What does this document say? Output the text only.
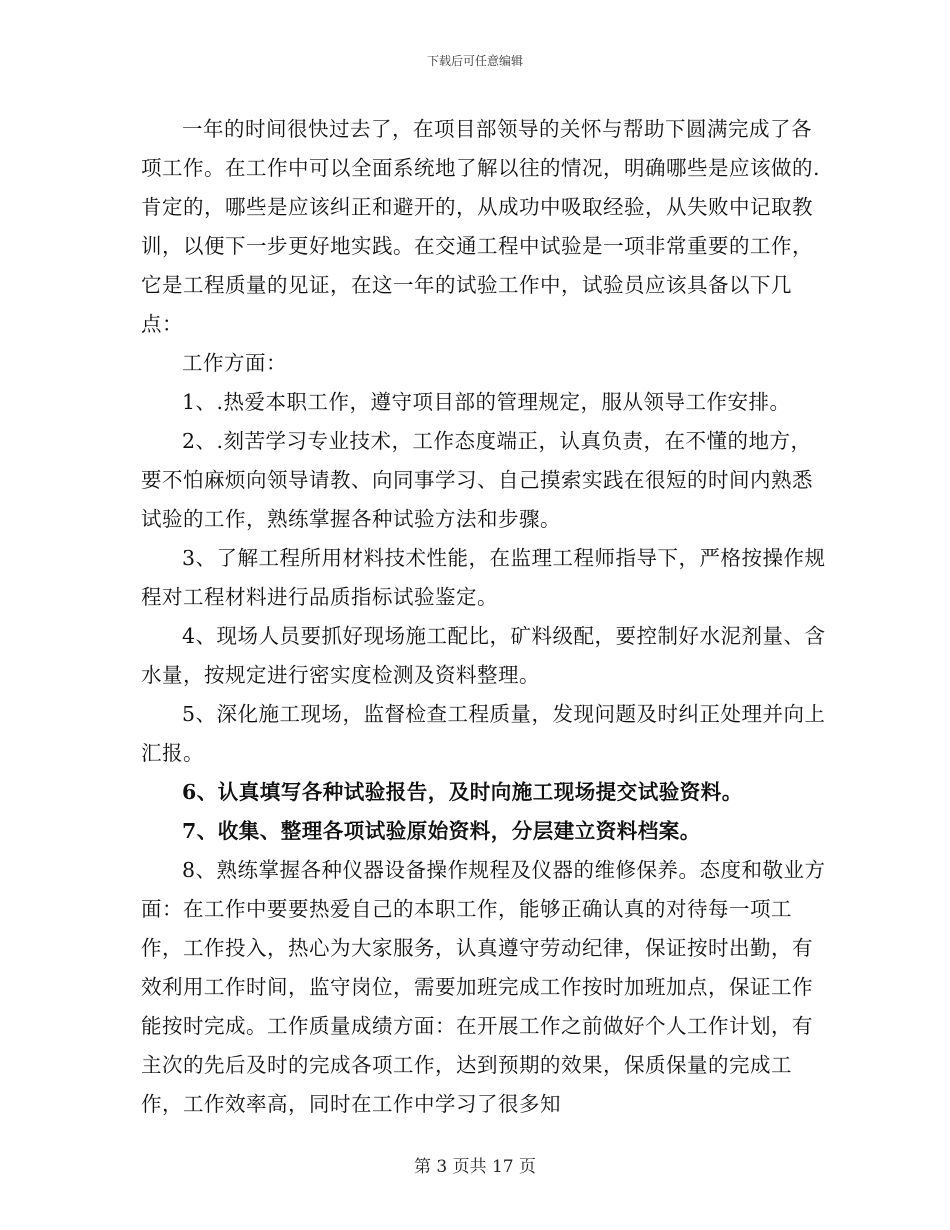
下载后可任意编辑

一年的时间很快过去了，在项目部领导的关怀与帮助下圆满完成了各项工作。在工作中可以全面系统地了解以往的情况，明确哪些是应该做的.肯定的，哪些是应该纠正和避开的，从成功中吸取经验，从失败中记取教训，以便下一步更好地实践。在交通工程中试验是一项非常重要的工作，它是工程质量的见证，在这一年的试验工作中，试验员应该具备以下几点：

工作方面：

1、.热爱本职工作，遵守项目部的管理规定，服从领导工作安排。

2、.刻苦学习专业技术，工作态度端正，认真负责，在不懂的地方，要不怕麻烦向领导请教、向同事学习、自己摸索实践在很短的时间内熟悉试验的工作，熟练掌握各种试验方法和步骤。

3、了解工程所用材料技术性能，在监理工程师指导下，严格按操作规程对工程材料进行品质指标试验鉴定。

4、现场人员要抓好现场施工配比，矿料级配，要控制好水泥剂量、含水量，按规定进行密实度检测及资料整理。

5、深化施工现场，监督检查工程质量，发现问题及时纠正处理并向上汇报。

6、认真填写各种试验报告，及时向施工现场提交试验资料。

7、收集、整理各项试验原始资料，分层建立资料档案。

8、熟练掌握各种仪器设备操作规程及仪器的维修保养。态度和敬业方面：在工作中要要热爱自己的本职工作，能够正确认真的对待每一项工作，工作投入，热心为大家服务，认真遵守劳动纪律，保证按时出勤，有效利用工作时间，监守岗位，需要加班完成工作按时加班加点，保证工作能按时完成。工作质量成绩方面：在开展工作之前做好个人工作计划，有主次的先后及时的完成各项工作，达到预期的效果，保质保量的完成工作，工作效率高，同时在工作中学习了很多知

第 3 页共 17 页
